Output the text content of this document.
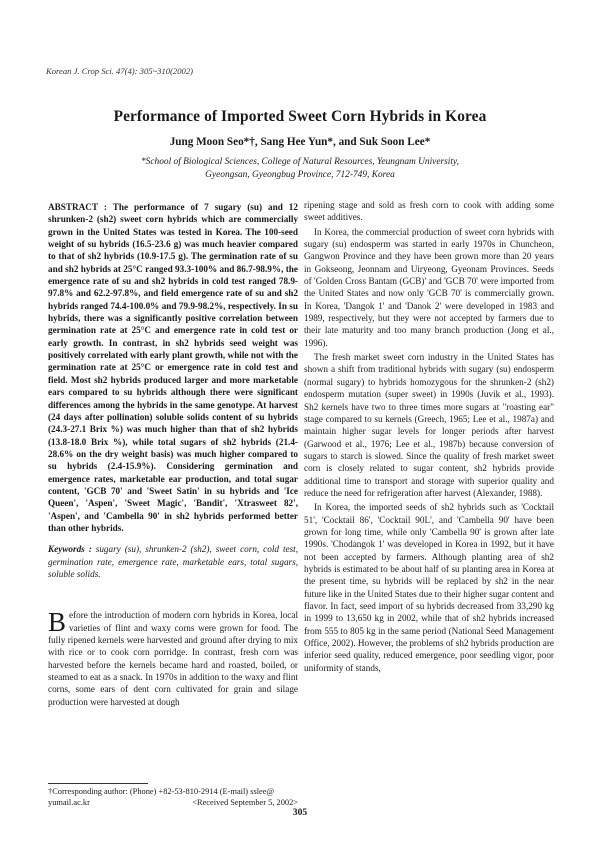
Korean J. Crop Sci. 47(4): 305~310(2002)
Performance of Imported Sweet Corn Hybrids in Korea
Jung Moon Seo*†, Sang Hee Yun*, and Suk Soon Lee*
*School of Biological Sciences, College of Natural Resources, Yeungnam University,
Gyeongsan, Gyeongbug Province, 712-749, Korea

ABSTRACT : The performance of 7 sugary (su) and 12 shrunken-2 (sh2) sweet corn hybrids which are commercially grown in the United States was tested in Korea. The 100-seed weight of su hybrids (16.5-23.6 g) was much heavier compared to that of sh2 hybrids (10.9-17.5 g). The germination rate of su and sh2 hybrids at 25°C ranged 93.3-100% and 86.7-98.9%, the emergence rate of su and sh2 hybrids in cold test ranged 78.9-97.8% and 62.2-97.8%, and field emergence rate of su and sh2 hybrids ranged 74.4-100.0% and 79.9-98.2%, respectively. In su hybrids, there was a significantly positive correlation between germination rate at 25°C and emergence rate in cold test or early growth. In contrast, in sh2 hybrids seed weight was positively correlated with early plant growth, while not with the germination rate at 25°C or emergence rate in cold test and field. Most sh2 hybrids produced larger and more marketable ears compared to su hybrids although there were significant differences among the hybrids in the same genotype. At harvest (24 days after pollination) soluble solids content of su hybrids (24.3-27.1 Brix %) was much higher than that of sh2 hybrids (13.8-18.0 Brix %), while total sugars of sh2 hybrids (21.4-28.6% on the dry weight basis) was much higher compared to su hybrids (2.4-15.9%). Considering germination and emergence rates, marketable ear production, and total sugar content, 'GCB 70' and 'Sweet Satin' in su hybrids and 'Ice Queen', 'Aspen', 'Sweet Magic', 'Bandit', 'Xtrasweet 82', 'Aspen', and 'Cambella 90' in sh2 hybrids performed better than other hybrids.

Keywords : sugary (su), shrunken-2 (sh2), sweet corn, cold test, germination rate, emergence rate, marketable ears, total sugars, soluble solids.

Before the introduction of modern corn hybrids in Korea, local varieties of flint and waxy corns were grown for food. The fully ripened kernels were harvested and ground after drying to mix with rice or to cook corn porridge. In contrast, fresh corn was harvested before the kernels became hard and roasted, boiled, or steamed to eat as a snack. In 1970s in addition to the waxy and flint corns, some ears of dent corn cultivated for grain and silage production were harvested at dough

ripening stage and sold as fresh corn to cook with adding some sweet additives.

In Korea, the commercial production of sweet corn hybrids with sugary (su) endosperm was started in early 1970s in Chuncheon, Gangwon Province and they have been grown more than 20 years in Gokseong, Jeonnam and Uiryeong, Gyeonam Provinces. Seeds of 'Golden Cross Bantam (GCB)' and 'GCB 70' were imported from the United States and now only 'GCB 70' is commercially grown. In Korea, 'Dangok 1' and 'Danok 2' were developed in 1983 and 1989, respectively, but they were not accepted by farmers due to their late maturity and too many branch production (Jong et al., 1996).

The fresh market sweet corn industry in the United States has shown a shift from traditional hybrids with sugary (su) endosperm (normal sugary) to hybrids homozygous for the shrunken-2 (sh2) endosperm mutation (super sweet) in 1990s (Juvik et al., 1993). Sh2 kernels have two to three times more sugars at "roasting ear" stage compared to su kernels (Greech, 1965; Lee et al., 1987a) and maintain higher sugar levels for longer periods after harvest (Garwood et al., 1976; Lee et al., 1987b) because conversion of sugars to starch is slowed. Since the quality of fresh market sweet corn is closely related to sugar content, sh2 hybrids provide additional time to transport and storage with superior quality and reduce the need for refrigeration after harvest (Alexander, 1988).

In Korea, the imported seeds of sh2 hybrids such as 'Cocktail 51', 'Cocktail 86', 'Cocktail 90L', and 'Cambella 90' have been grown for long time, while only 'Cambella 90' is grown after late 1990s. 'Chodangok 1' was developed in Korea in 1992, but it have not been accepted by farmers. Although planting area of sh2 hybrids is estimated to be about half of su planting area in Korea at the present time, su hybrids will be replaced by sh2 in the near future like in the United States due to their higher sugar content and flavor. In fact, seed import of su hybrids decreased from 33,290 kg in 1999 to 13,650 kg in 2002, while that of sh2 hybrids increased from 555 to 805 kg in the same period (National Seed Management Office, 2002). However, the problems of sh2 hybrids production are inferior seed quality, reduced emergence, poor seedling vigor, poor uniformity of stands,

†Corresponding author: (Phone) +82-53-810-2914 (E-mail) sslee@
yumail.ac.kr	<Received September 5, 2002>
305
